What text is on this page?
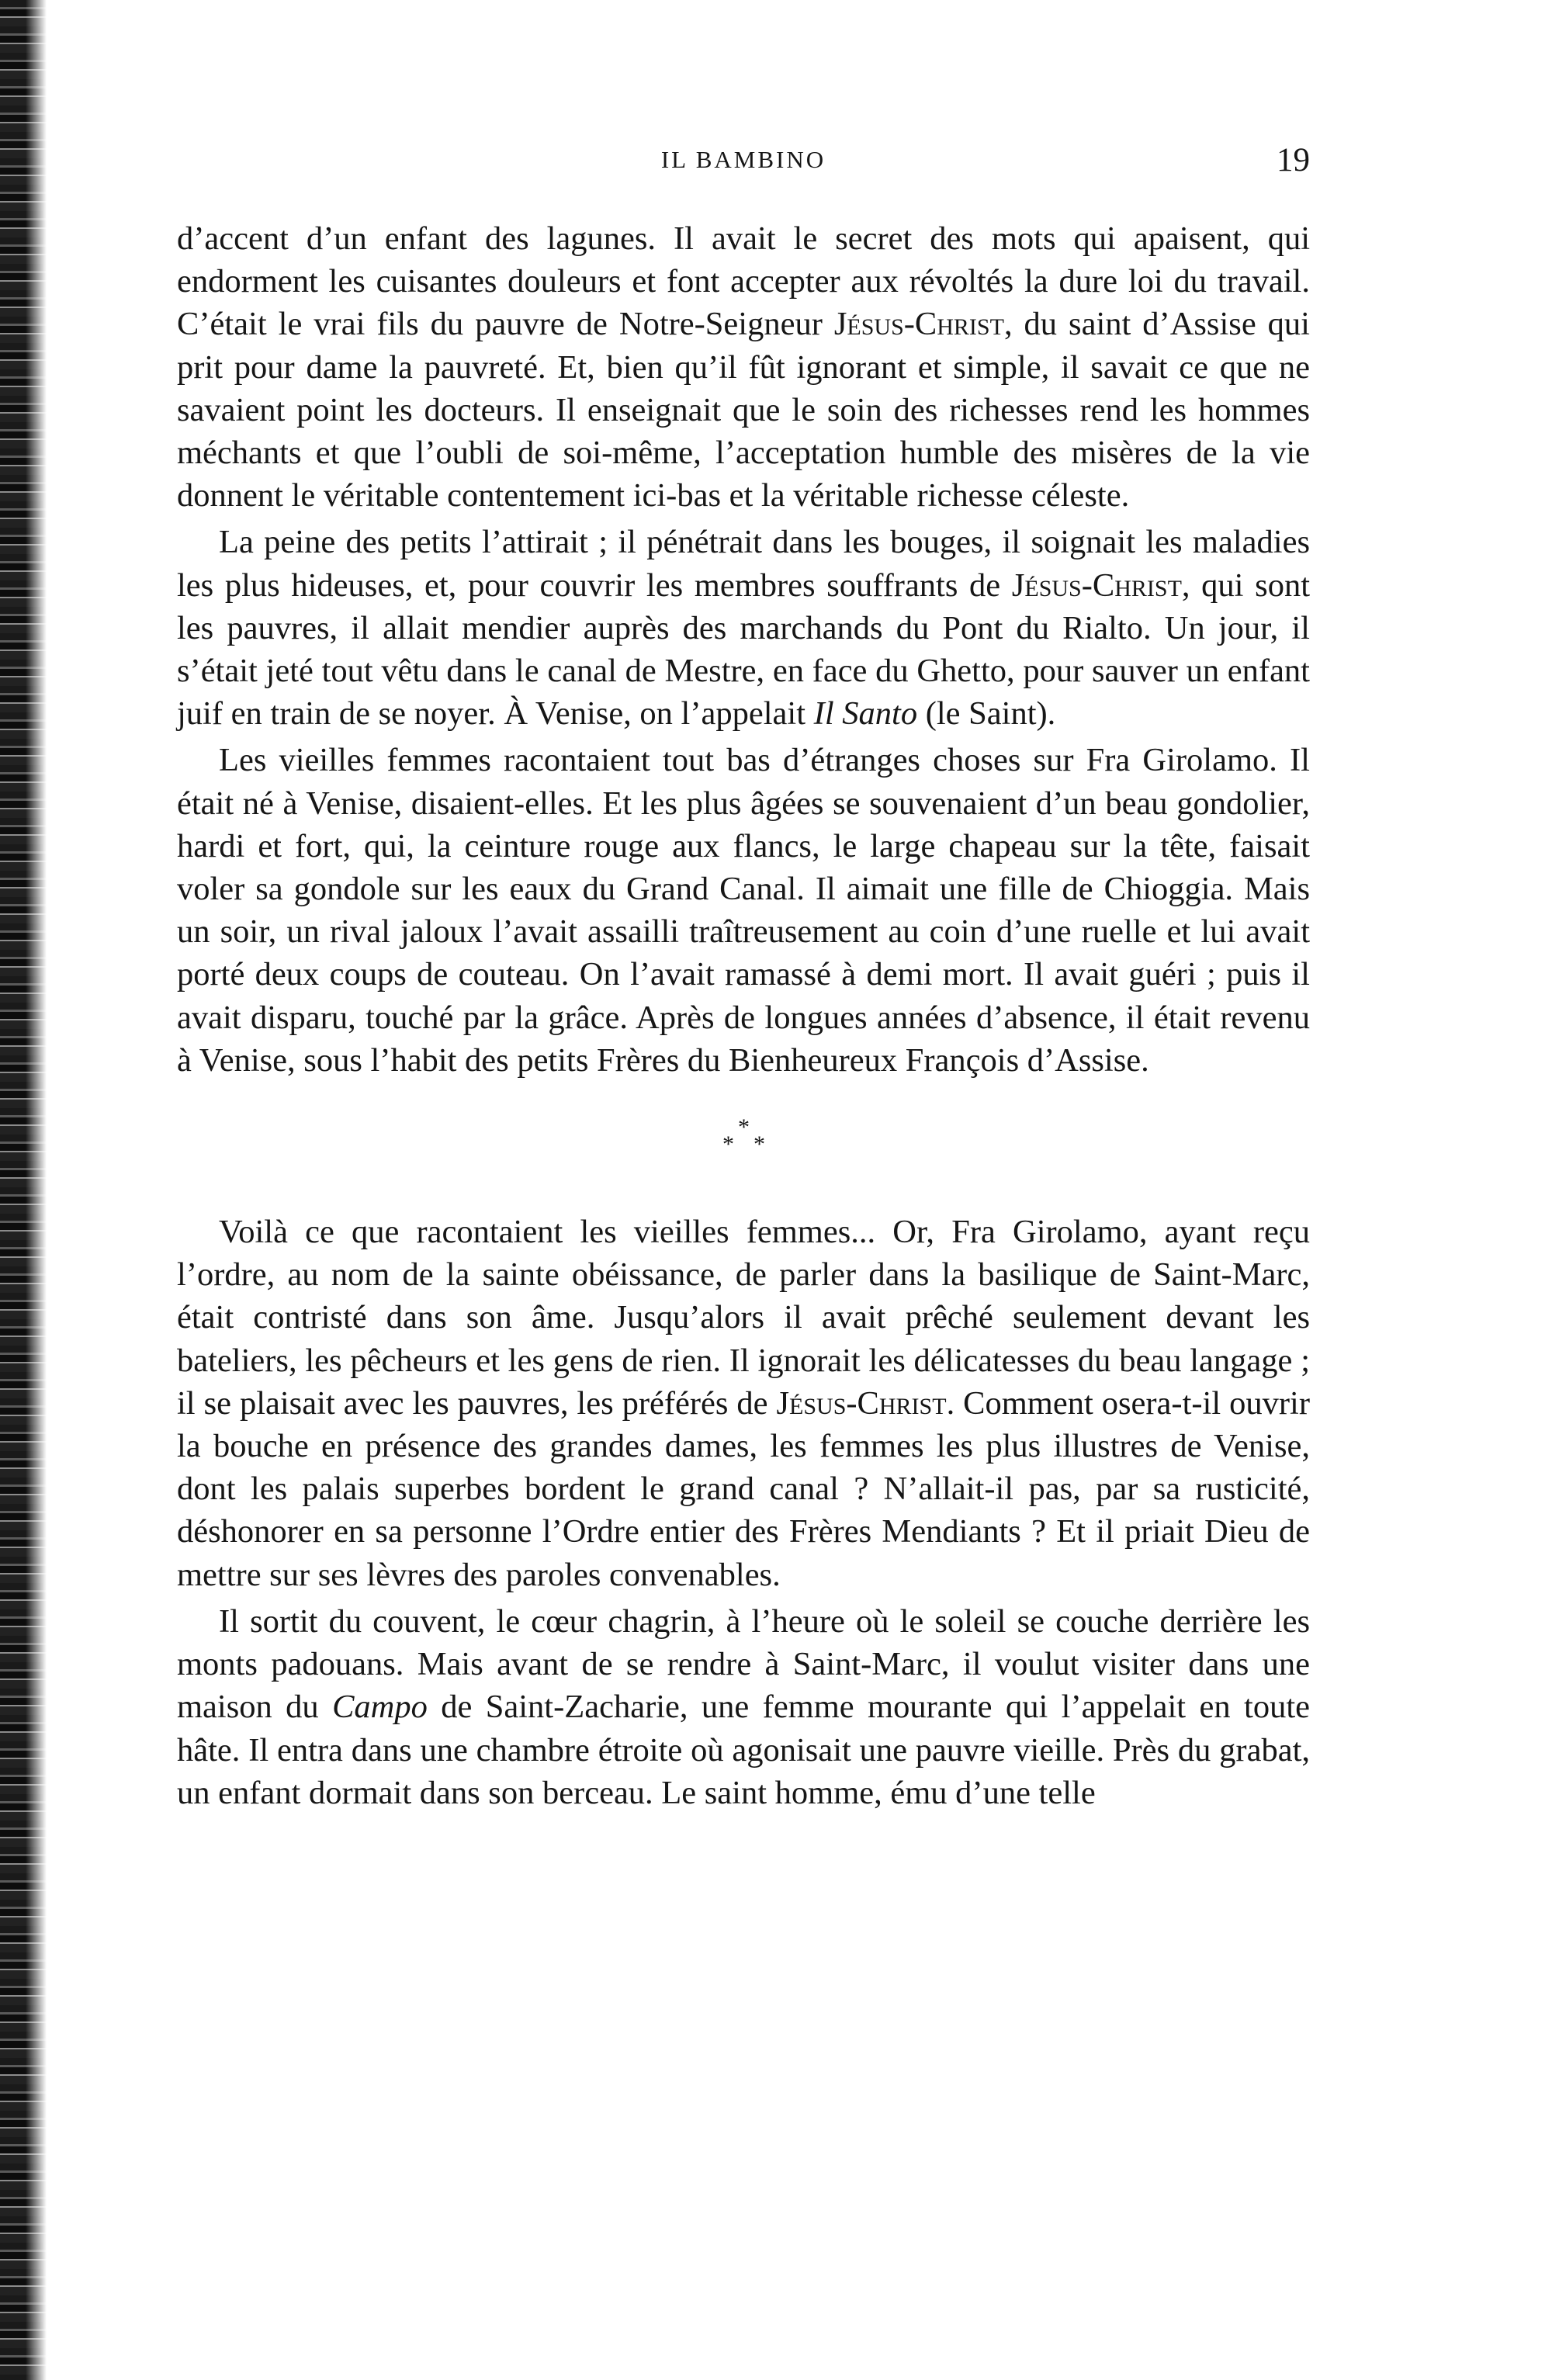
IL BAMBINO	19

d’accent d’un enfant des lagunes. Il avait le secret des mots qui apaisent, qui endorment les cuisantes douleurs et font accepter aux révoltés la dure loi du travail. C’était le vrai fils du pauvre de Notre-Seigneur Jésus-Christ, du saint d’Assise qui prit pour dame la pauvreté. Et, bien qu’il fût ignorant et simple, il savait ce que ne savaient point les docteurs. Il enseignait que le soin des richesses rend les hommes méchants et que l’oubli de soi-même, l’acceptation humble des misères de la vie donnent le véritable contentement ici-bas et la véritable richesse céleste.

La peine des petits l’attirait ; il pénétrait dans les bouges, il soignait les maladies les plus hideuses, et, pour couvrir les membres souffrants de Jésus-Christ, qui sont les pauvres, il allait mendier auprès des marchands du Pont du Rialto. Un jour, il s’était jeté tout vêtu dans le canal de Mestre, en face du Ghetto, pour sauver un enfant juif en train de se noyer. À Venise, on l’appelait Il Santo (le Saint).

Les vieilles femmes racontaient tout bas d’étranges choses sur Fra Girolamo. Il était né à Venise, disaient-elles. Et les plus âgées se souvenaient d’un beau gondolier, hardi et fort, qui, la ceinture rouge aux flancs, le large chapeau sur la tête, faisait voler sa gondole sur les eaux du Grand Canal. Il aimait une fille de Chioggia. Mais un soir, un rival jaloux l’avait assailli traîtreusement au coin d’une ruelle et lui avait porté deux coups de couteau. On l’avait ramassé à demi mort. Il avait guéri ; puis il avait disparu, touché par la grâce. Après de longues années d’absence, il était revenu à Venise, sous l’habit des petits Frères du Bienheureux François d’Assise.

*
* *

Voilà ce que racontaient les vieilles femmes... Or, Fra Girolamo, ayant reçu l’ordre, au nom de la sainte obéissance, de parler dans la basilique de Saint-Marc, était contristé dans son âme. Jusqu’alors il avait prêché seulement devant les bateliers, les pêcheurs et les gens de rien. Il ignorait les délicatesses du beau langage ; il se plaisait avec les pauvres, les préférés de Jésus-Christ. Comment osera-t-il ouvrir la bouche en présence des grandes dames, les femmes les plus illustres de Venise, dont les palais superbes bordent le grand canal ? N’allait-il pas, par sa rusticité, déshonorer en sa personne l’Ordre entier des Frères Mendiants ? Et il priait Dieu de mettre sur ses lèvres des paroles convenables.

Il sortit du couvent, le cœur chagrin, à l’heure où le soleil se couche derrière les monts padouans. Mais avant de se rendre à Saint-Marc, il voulut visiter dans une maison du Campo de Saint-Zacharie, une femme mourante qui l’appelait en toute hâte. Il entra dans une chambre étroite où agonisait une pauvre vieille. Près du grabat, un enfant dormait dans son berceau. Le saint homme, ému d’une telle
